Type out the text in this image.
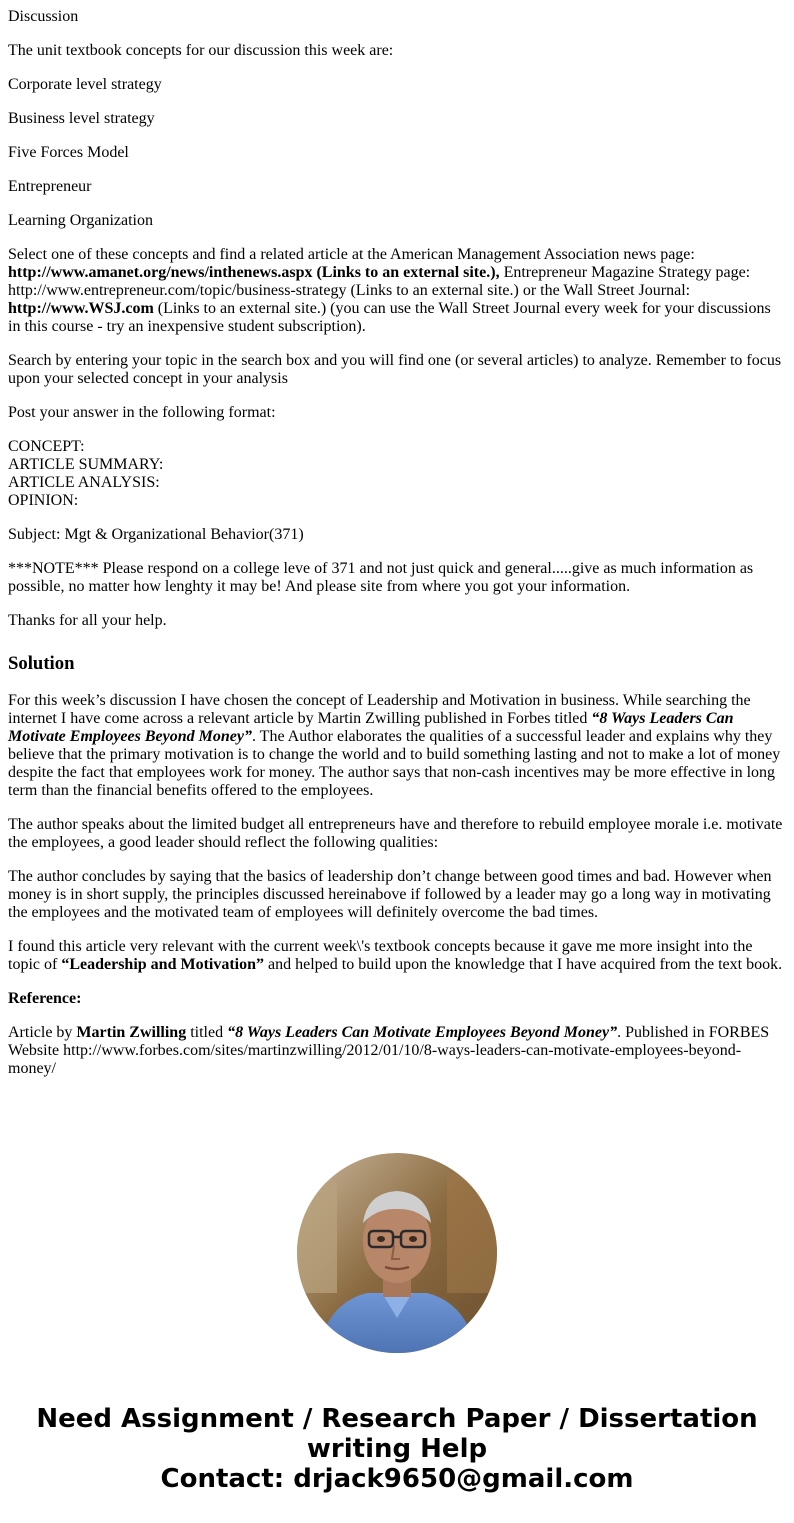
Discussion
The unit textbook concepts for our discussion this week are:
Corporate level strategy
Business level strategy
Five Forces Model
Entrepreneur
Learning Organization
Select one of these concepts and find a related article at the American Management Association news page: http://www.amanet.org/news/inthenews.aspx (Links to an external site.), Entrepreneur Magazine Strategy page: http://www.entrepreneur.com/topic/business-strategy (Links to an external site.) or the Wall Street Journal: http://www.WSJ.com (Links to an external site.) (you can use the Wall Street Journal every week for your discussions in this course - try an inexpensive student subscription).
Search by entering your topic in the search box and you will find one (or several articles) to analyze. Remember to focus upon your selected concept in your analysis
Post your answer in the following format:
CONCEPT:
ARTICLE SUMMARY:
ARTICLE ANALYSIS:
OPINION:
Subject: Mgt & Organizational Behavior(371)
***NOTE*** Please respond on a college leve of 371 and not just quick and general.....give as much information as possible, no matter how lenghty it may be! And please site from where you got your information.
Thanks for all your help.
Solution
For this week’s discussion I have chosen the concept of Leadership and Motivation in business. While searching the internet I have come across a relevant article by Martin Zwilling published in Forbes titled “8 Ways Leaders Can Motivate Employees Beyond Money”. The Author elaborates the qualities of a successful leader and explains why they believe that the primary motivation is to change the world and to build something lasting and not to make a lot of money despite the fact that employees work for money. The author says that non-cash incentives may be more effective in long term than the financial benefits offered to the employees.
The author speaks about the limited budget all entrepreneurs have and therefore to rebuild employee morale i.e. motivate the employees, a good leader should reflect the following qualities:
The author concludes by saying that the basics of leadership don’t change between good times and bad. However when money is in short supply, the principles discussed hereinabove if followed by a leader may go a long way in motivating the employees and the motivated team of employees will definitely overcome the bad times.
I found this article very relevant with the current week\'s textbook concepts because it gave me more insight into the topic of “Leadership and Motivation” and helped to build upon the knowledge that I have acquired from the text book.
Reference:
Article by Martin Zwilling titled “8 Ways Leaders Can Motivate Employees Beyond Money”. Published in FORBES Website http://www.forbes.com/sites/martinzwilling/2012/01/10/8-ways-leaders-can-motivate-employees-beyond-money/
Need Assignment / Research Paper / Dissertation
writing Help
Contact: drjack9650@gmail.com
